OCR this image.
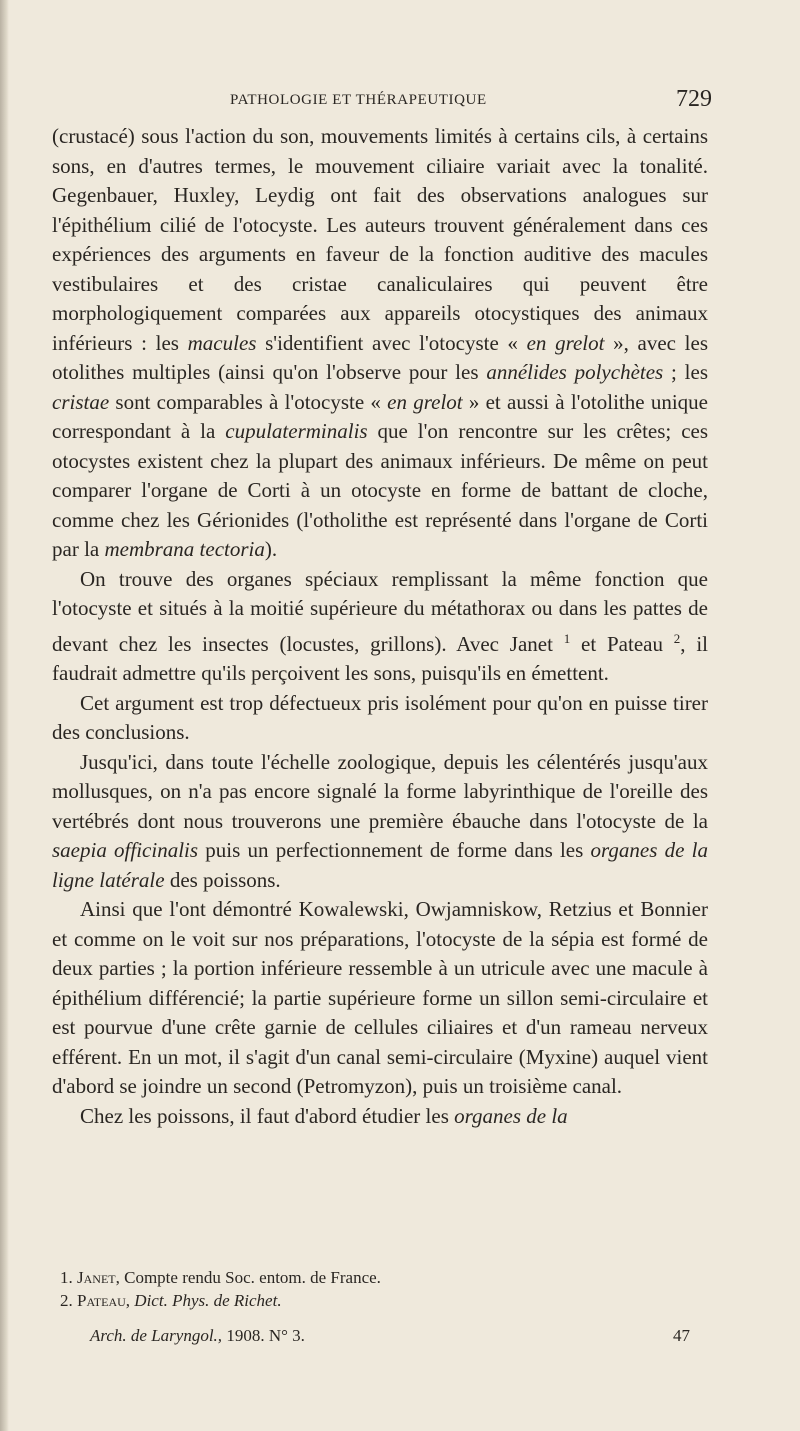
PATHOLOGIE ET THÉRAPEUTIQUE	729

(crustacé) sous l'action du son, mouvements limités à certains cils, à certains sons, en d'autres termes, le mouvement ciliaire variait avec la tonalité. Gegenbauer, Huxley, Leydig ont fait des observations analogues sur l'épithélium cilié de l'otocyste. Les auteurs trouvent généralement dans ces expériences des arguments en faveur de la fonction auditive des macules vestibulaires et des cristae canaliculaires qui peuvent être morphologiquement comparées aux appareils otocystiques des animaux inférieurs : les macules s'identifient avec l'otocyste « en grelot », avec les otolithes multiples (ainsi qu'on l'observe pour les annélides polychètes ; les cristae sont comparables à l'otocyste « en grelot » et aussi à l'otolithe unique correspondant à la cupulaterminalis que l'on rencontre sur les crêtes; ces otocystes existent chez la plupart des animaux inférieurs. De même on peut comparer l'organe de Corti à un otocyste en forme de battant de cloche, comme chez les Gérionides (l'otholithe est représenté dans l'organe de Corti par la membrana tectoria).

On trouve des organes spéciaux remplissant la même fonction que l'otocyste et situés à la moitié supérieure du métathorax ou dans les pattes de devant chez les insectes (locustes, grillons). Avec Janet $^1$ et Pateau $^2$, il faudrait admettre qu'ils perçoivent les sons, puisqu'ils en émettent.

Cet argument est trop défectueux pris isolément pour qu'on en puisse tirer des conclusions.

Jusqu'ici, dans toute l'échelle zoologique, depuis les célentérés jusqu'aux mollusques, on n'a pas encore signalé la forme labyrinthique de l'oreille des vertébrés dont nous trouverons une première ébauche dans l'otocyste de la saepia officinalis puis un perfectionnement de forme dans les organes de la ligne latérale des poissons.

Ainsi que l'ont démontré Kowalewski, Owjamniskow, Retzius et Bonnier et comme on le voit sur nos préparations, l'otocyste de la sépia est formé de deux parties ; la portion inférieure ressemble à un utricule avec une macule à épithélium différencié; la partie supérieure forme un sillon semi-circulaire et est pourvue d'une crête garnie de cellules ciliaires et d'un rameau nerveux efférent. En un mot, il s'agit d'un canal semi-circulaire (Myxine) auquel vient d'abord se joindre un second (Petromyzon), puis un troisième canal.

Chez les poissons, il faut d'abord étudier les organes de la

1. Janet, Compte rendu Soc. entom. de France.

2. Pateau, Dict. Phys. de Richet.

Arch. de Laryngol., 1908. N° 3.	47
